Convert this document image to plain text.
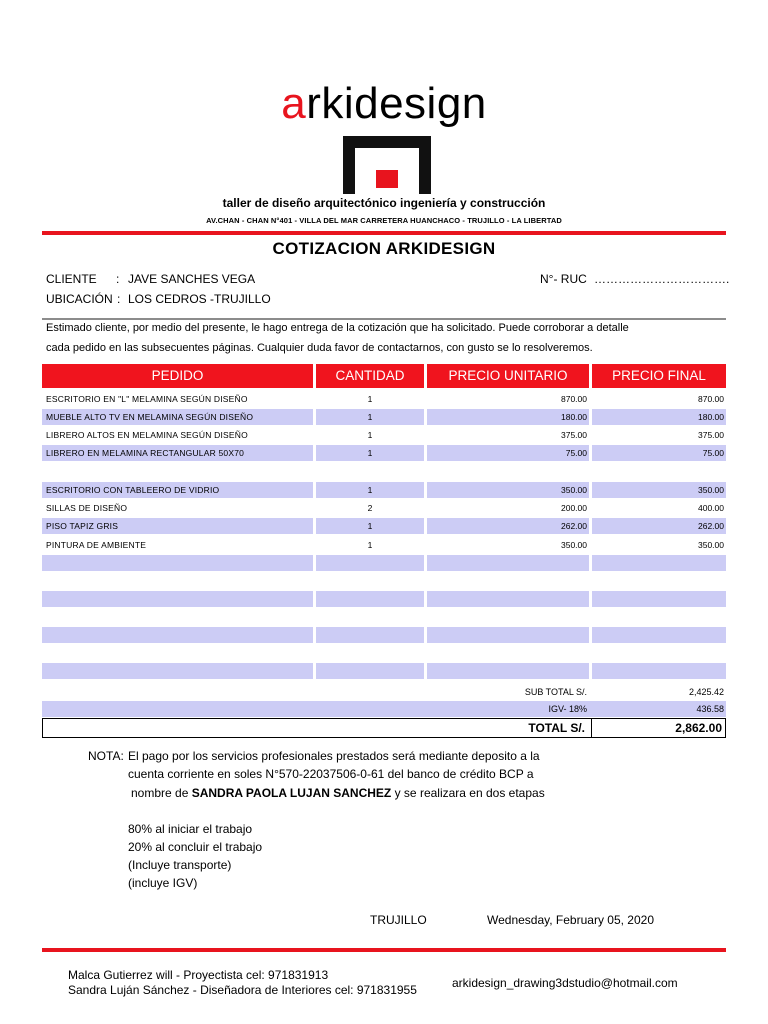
arkidesign
taller de diseño arquitectónico ingeniería y construcción
AV.CHAN - CHAN N°401 - VILLA DEL MAR CARRETERA HUANCHACO - TRUJILLO - LA LIBERTAD
COTIZACION ARKIDESIGN
CLIENTE : JAVE SANCHES VEGA
UBICACIÓN : LOS CEDROS -TRUJILLO
N°- RUC …………………………….
Estimado cliente, por medio del presente, le hago entrega de la cotización que ha solicitado. Puede corroborar a detalle
cada pedido en las subsecuentes páginas. Cualquier duda favor de contactarnos, con gusto se lo resolveremos.
PEDIDO	CANTIDAD	PRECIO UNITARIO	PRECIO FINAL
ESCRITORIO EN "L" MELAMINA SEGÚN DISEÑO	1	870.00	870.00
MUEBLE ALTO TV EN MELAMINA SEGÚN DISEÑO	1	180.00	180.00
LIBRERO ALTOS EN MELAMINA SEGÚN DISEÑO	1	375.00	375.00
LIBRERO EN MELAMINA RECTANGULAR 50X70	1	75.00	75.00
ESCRITORIO CON TABLEERO DE VIDRIO	1	350.00	350.00
SILLAS DE DISEÑO	2	200.00	400.00
PISO TAPIZ GRIS	1	262.00	262.00
PINTURA DE AMBIENTE	1	350.00	350.00
SUB TOTAL S/.	2,425.42
IGV- 18%	436.58
TOTAL S/.	2,862.00
NOTA: El pago por los servicios profesionales prestados será mediante deposito a la
cuenta corriente en soles N°570-22037506-0-61 del banco de crédito BCP a
nombre de SANDRA PAOLA LUJAN SANCHEZ y se realizara en dos etapas
80% al iniciar el trabajo
20% al concluir el trabajo
(Incluye transporte)
(incluye IGV)
TRUJILLO	Wednesday, February 05, 2020
Malca Gutierrez will - Proyectista cel: 971831913
Sandra Luján Sánchez - Diseñadora de Interiores cel: 971831955	arkidesign_drawing3dstudio@hotmail.com
